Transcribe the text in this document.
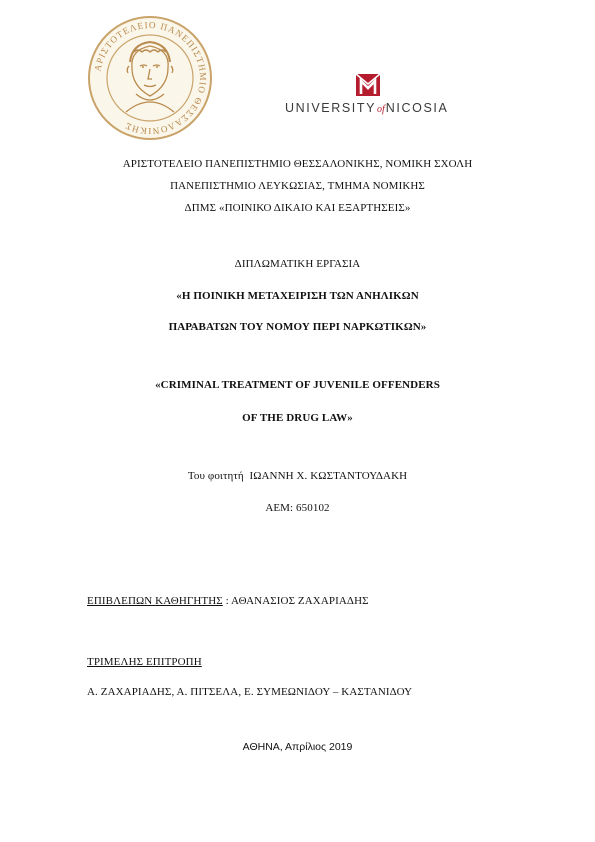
ΑΡΙΣΤΟΤΕΛΕΙΟ ΠΑΝΕΠΙΣΤΗΜΙΟ ΘΕΣΣΑΛΟΝΙΚΗΣ
UNIVERSITYofNICOSIA
ΑΡΙΣΤΟΤΕΛΕΙΟ ΠΑΝΕΠΙΣΤΗΜΙΟ ΘΕΣΣΑΛΟΝΙΚΗΣ, ΝΟΜΙΚΗ ΣΧΟΛΗ
ΠΑΝΕΠΙΣΤΗΜΙΟ ΛΕΥΚΩΣΙΑΣ, ΤΜΗΜΑ ΝΟΜΙΚΗΣ
ΔΠΜΣ «ΠΟΙΝΙΚΟ ΔΙΚΑΙΟ ΚΑΙ ΕΞΑΡΤΗΣΕΙΣ»
ΔΙΠΛΩΜΑΤΙΚΗ ΕΡΓΑΣΙΑ
«Η ΠΟΙΝΙΚΗ ΜΕΤΑΧΕΙΡΙΣΗ ΤΩΝ ΑΝΗΛΙΚΩΝ
ΠΑΡΑΒΑΤΩΝ ΤΟΥ ΝΟΜΟΥ ΠΕΡΙ ΝΑΡΚΩΤΙΚΩΝ»
«CRIMINAL TREATMENT OF JUVENILE OFFENDERS
OF THE DRUG LAW»
Του φοιτητή ΙΩΑΝΝΗ Χ. ΚΩΣΤΑΝΤΟΥΔΑΚΗ
ΑΕΜ: 650102
ΕΠΙΒΛΕΠΩΝ ΚΑΘΗΓΗΤΗΣ : ΑΘΑΝΑΣΙΟΣ ΖΑΧΑΡΙΑΔΗΣ
ΤΡΙΜΕΛΗΣ ΕΠΙΤΡΟΠΗ
Α. ΖΑΧΑΡΙΑΔΗΣ, Α. ΠΙΤΣΕΛΑ, Ε. ΣΥΜΕΩΝΙΔΟΥ – ΚΑΣΤΑΝΙΔΟΥ
ΑΘΗΝΑ, Απρίλιος 2019
